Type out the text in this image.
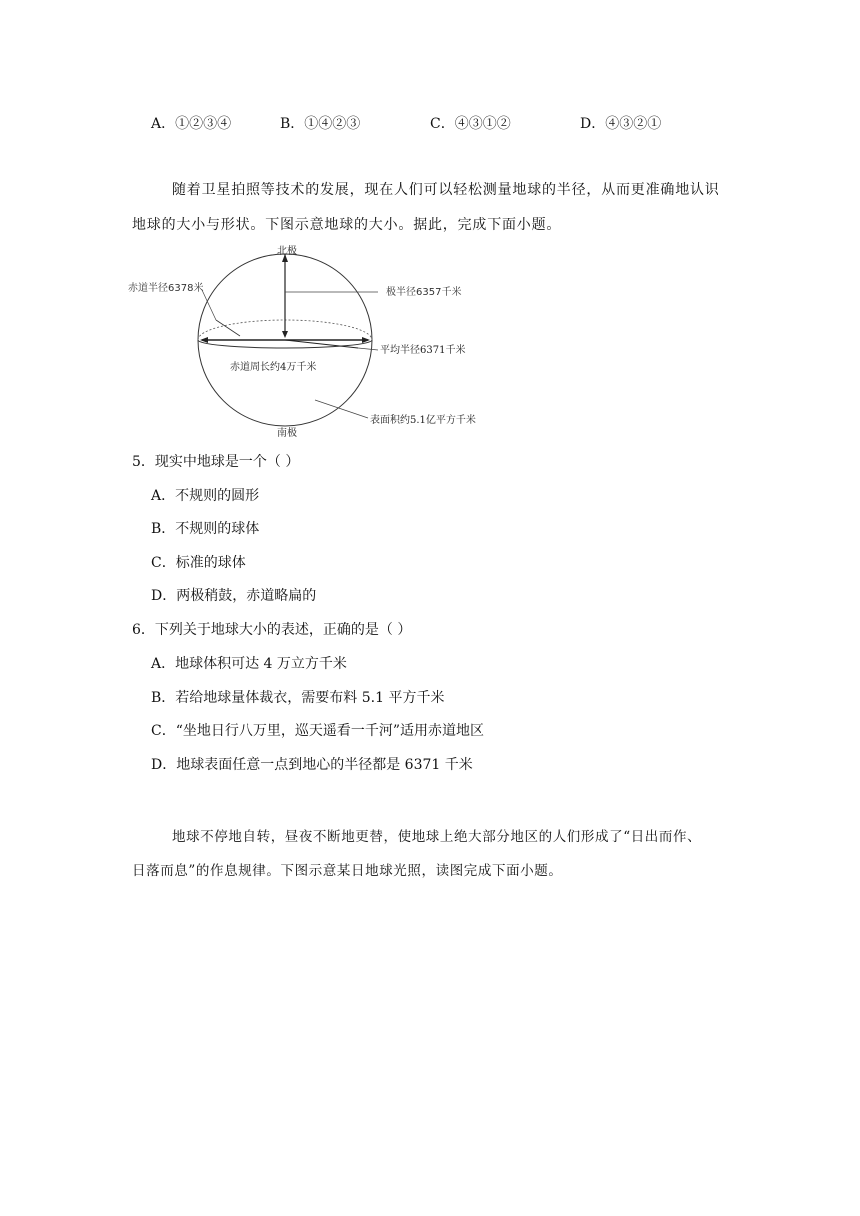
A．①②③④	B．①④②③	C．④③①②	D．④③②①
随着卫星拍照等技术的发展，现在人们可以轻松测量地球的半径，从而更准确地认识
地球的大小与形状。下图示意地球的大小。据此，完成下面小题。
北极
南极
赤道半径6378米	极半径6357千米
平均半径6371千米
赤道周长约4万千米
表面积约5.1亿平方千米
5．现实中地球是一个（ ）
A．不规则的圆形
B．不规则的球体
C．标准的球体
D．两极稍鼓，赤道略扁的
6．下列关于地球大小的表述，正确的是（ ）
A．地球体积可达 4 万立方千米
B．若给地球量体裁衣，需要布料 5.1 平方千米
C．“坐地日行八万里，巡天遥看一千河”适用赤道地区
D．地球表面任意一点到地心的半径都是 6371 千米
地球不停地自转，昼夜不断地更替，使地球上绝大部分地区的人们形成了“日出而作、
日落而息”的作息规律。下图示意某日地球光照，读图完成下面小题。
